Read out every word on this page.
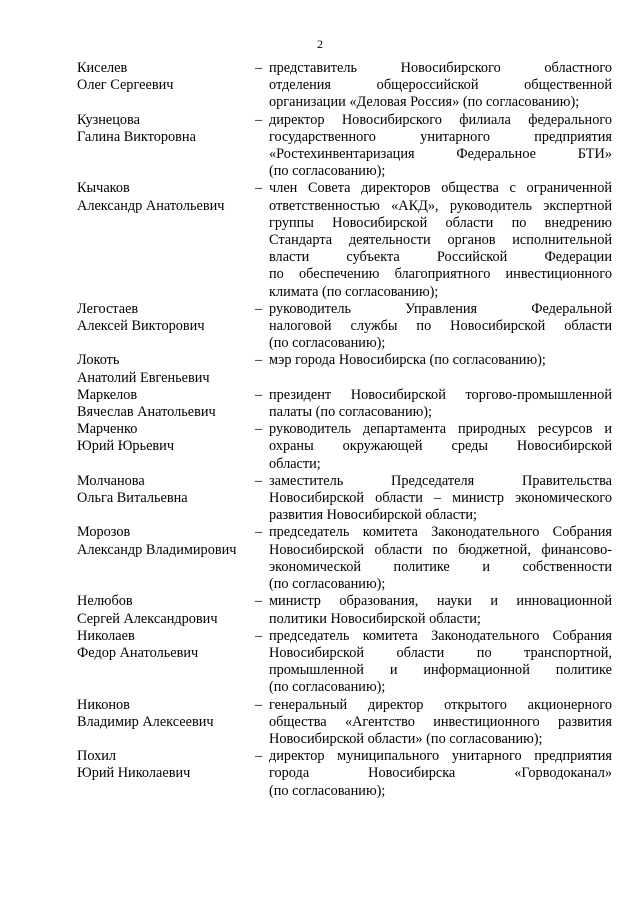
2
Киселев
Олег Сергеевич
– представитель Новосибирского областного
отделения общероссийской общественной
организации «Деловая Россия» (по согласованию);

Кузнецова
Галина Викторовна
– директор Новосибирского филиала федерального
государственного унитарного предприятия
«Ростехинвентаризация Федеральное БТИ»
(по согласованию);

Кычаков
Александр Анатольевич
– член Совета директоров общества с ограниченной
ответственностью «АКД», руководитель экспертной
группы Новосибирской области по внедрению
Стандарта деятельности органов исполнительной
власти субъекта Российской Федерации
по обеспечению благоприятного инвестиционного
климата (по согласованию);

Легостаев
Алексей Викторович
– руководитель Управления Федеральной
налоговой службы по Новосибирской области
(по согласованию);

Локоть
Анатолий Евгеньевич
– мэр города Новосибирска (по согласованию);

Маркелов
Вячеслав Анатольевич
– президент Новосибирской торгово-промышленной
палаты (по согласованию);

Марченко
Юрий Юрьевич
– руководитель департамента природных ресурсов и
охраны окружающей среды Новосибирской
области;

Молчанова
Ольга Витальевна
– заместитель Председателя Правительства
Новосибирской области – министр экономического
развития Новосибирской области;

Морозов
Александр Владимирович
– председатель комитета Законодательного Собрания
Новосибирской области по бюджетной, финансово-
экономической политике и собственности
(по согласованию);

Нелюбов
Сергей Александрович
– министр образования, науки и инновационной
политики Новосибирской области;

Николаев
Федор Анатольевич
– председатель комитета Законодательного Собрания
Новосибирской области по транспортной,
промышленной и информационной политике
(по согласованию);

Никонов
Владимир Алексеевич
– генеральный директор открытого акционерного
общества «Агентство инвестиционного развития
Новосибирской области» (по согласованию);

Похил
Юрий Николаевич
– директор муниципального унитарного предприятия
города Новосибирска «Горводоканал»
(по согласованию);
